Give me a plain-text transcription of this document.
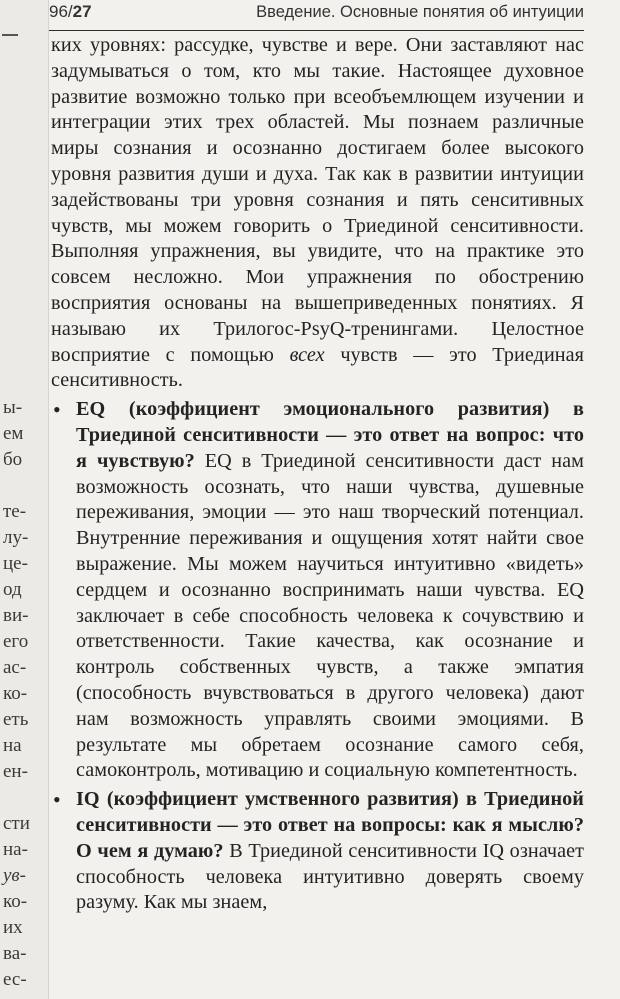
ы-
ем
бо
те-
лу-
це-
од
ви-
его
ас-
ко-
еть
на
ен-
сти
на-
ув-
ко-
их
ва-
ес-
96/27	Введение. Основные понятия об интуиции

ких уровнях: рассудке, чувстве и вере. Они заставляют нас задумываться о том, кто мы такие. Настоящее духовное развитие возможно только при всеобъемлющем изучении и интеграции этих трех областей. Мы познаем различные миры сознания и осознанно достигаем более высокого уровня развития души и духа. Так как в развитии интуиции задействованы три уровня сознания и пять сенситивных чувств, мы можем говорить о Триединой сенситивности. Выполняя упражнения, вы увидите, что на практике это совсем несложно. Мои упражнения по обострению восприятия основаны на вышеприведенных понятиях. Я называю их Трилогос-PsyQ-тренингами. Целостное восприятие с помощью всех чувств — это Триединая сенситивность.

• EQ (коэффициент эмоционального развития) в Триединой сенситивности — это ответ на вопрос: что я чувствую? EQ в Триединой сенситивности даст нам возможность осознать, что наши чувства, душевные переживания, эмоции — это наш творческий потенциал. Внутренние переживания и ощущения хотят найти свое выражение. Мы можем научиться интуитивно «видеть» сердцем и осознанно воспринимать наши чувства. EQ заключает в себе способность человека к сочувствию и ответственности. Такие качества, как осознание и контроль собственных чувств, а также эмпатия (способность вчувствоваться в другого человека) дают нам возможность управлять своими эмоциями. В результате мы обретаем осознание самого себя, самоконтроль, мотивацию и социальную компетентность.
• IQ (коэффициент умственного развития) в Триединой сенситивности — это ответ на вопросы: как я мыслю? О чем я думаю? В Триединой сенситивности IQ означает способность человека интуитивно доверять своему разуму. Как мы знаем,
